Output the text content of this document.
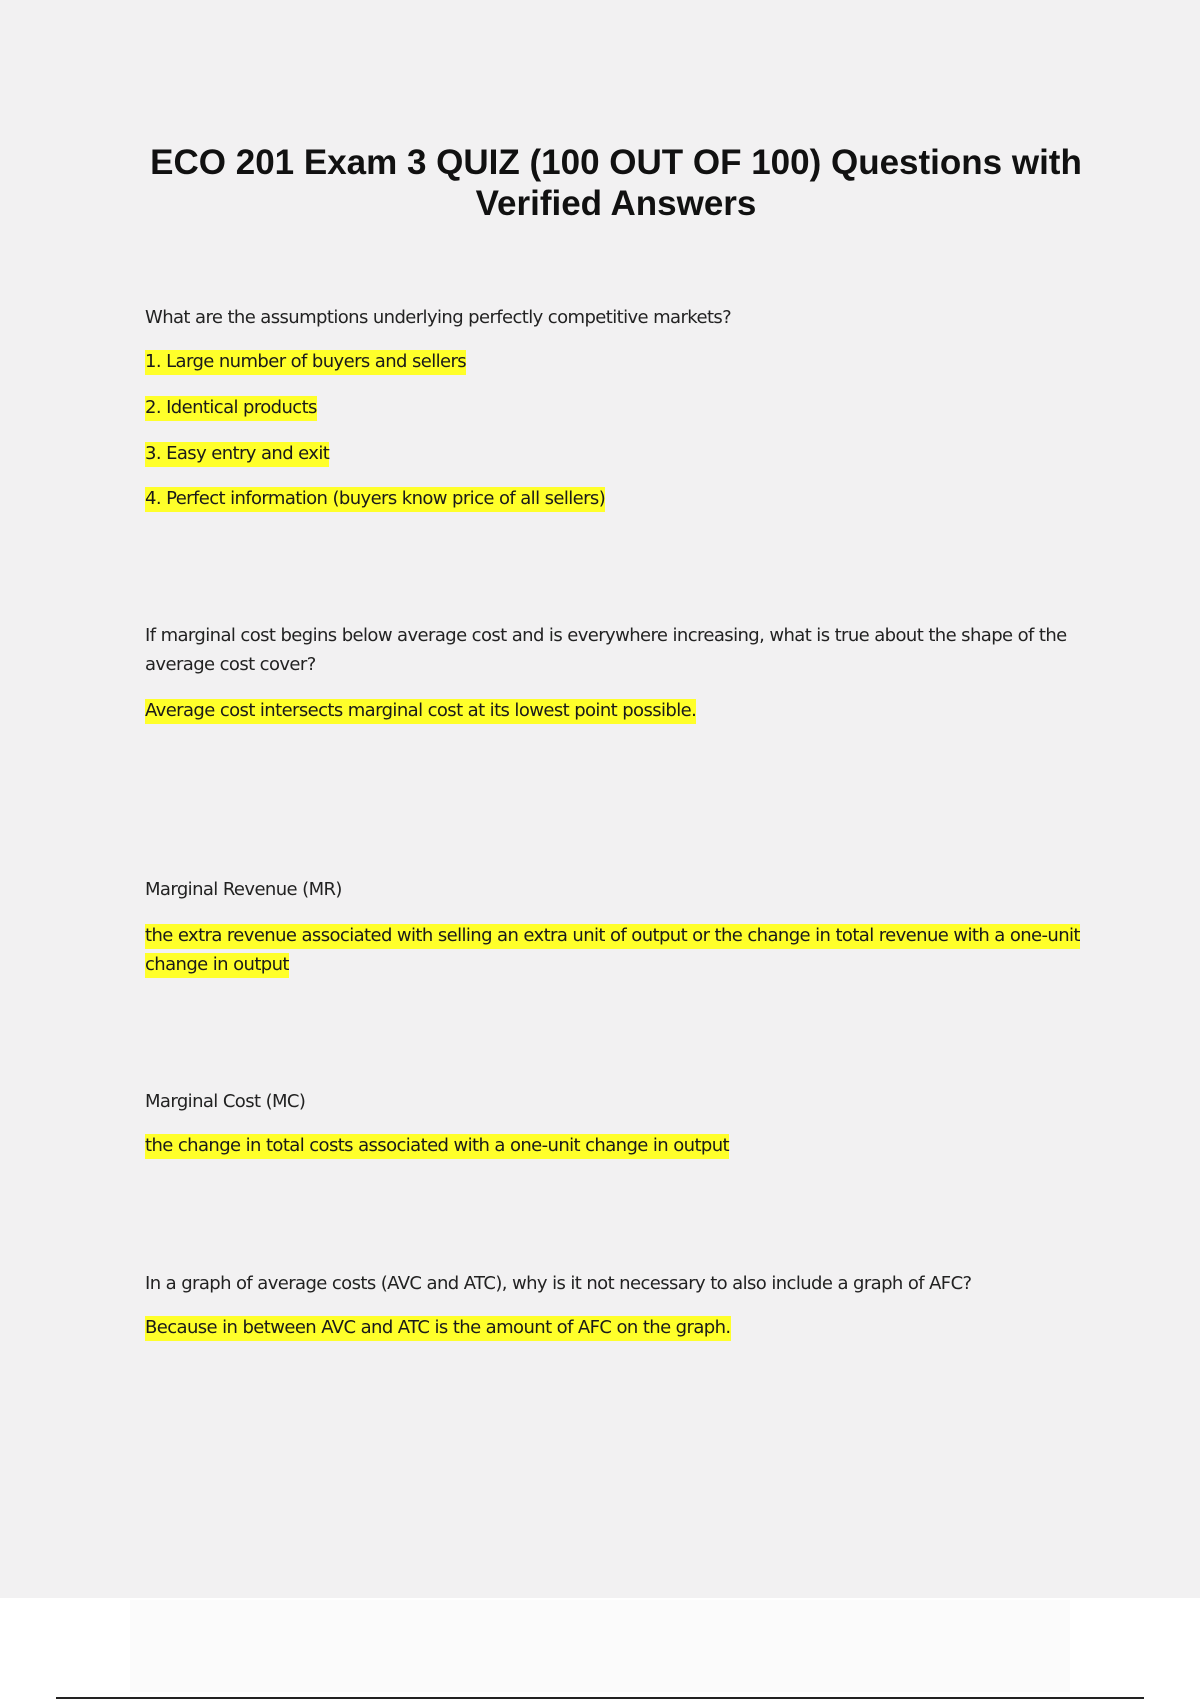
ECO 201 Exam 3 QUIZ (100 OUT OF 100) Questions with Verified Answers
What are the assumptions underlying perfectly competitive markets?
1. Large number of buyers and sellers
2. Identical products
3. Easy entry and exit
4. Perfect information (buyers know price of all sellers)
If marginal cost begins below average cost and is everywhere increasing, what is true about the shape of the average cost cover?
Average cost intersects marginal cost at its lowest point possible.
Marginal Revenue (MR)
the extra revenue associated with selling an extra unit of output or the change in total revenue with a one-unit change in output
Marginal Cost (MC)
the change in total costs associated with a one-unit change in output
In a graph of average costs (AVC and ATC), why is it not necessary to also include a graph of AFC?
Because in between AVC and ATC is the amount of AFC on the graph.
